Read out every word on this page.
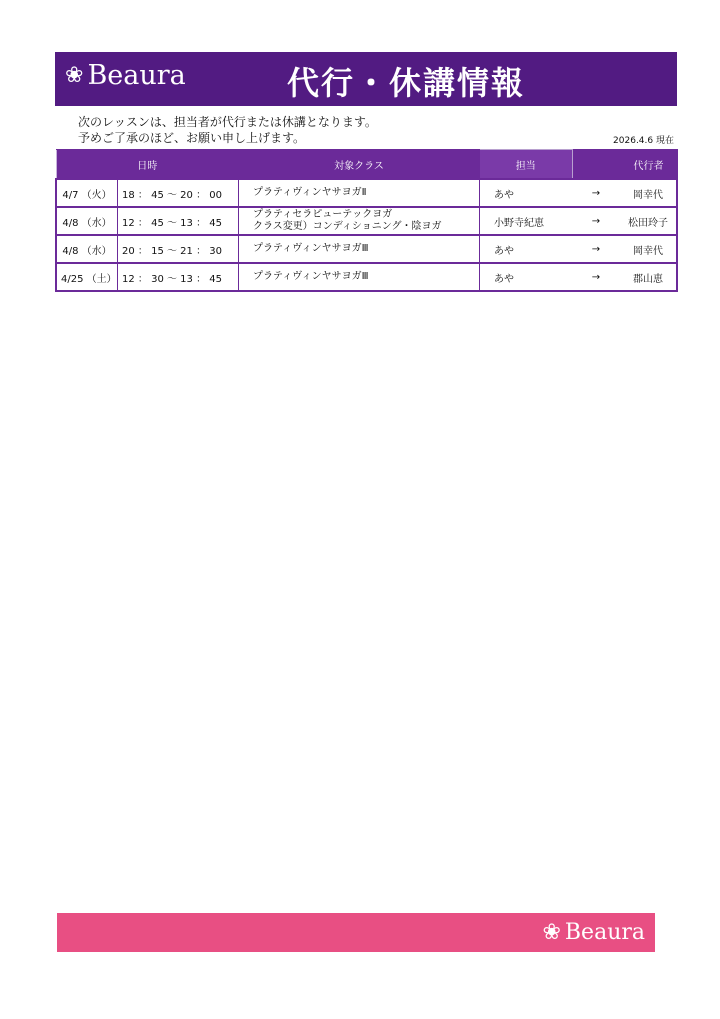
❀ Beaura	代行・休講情報
次のレッスンは、担当者が代行または休講となります。
予めご了承のほど、お願い申し上げます。	2026.4.6 現在
日時		対象クラス	担当		代行者
4/7 （火）	18 ： 45 ～ 20 ： 00	プラティヴィンヤサヨガⅡ	あや	→	岡幸代
4/8 （水）	12 ： 45 ～ 13 ： 45	プラティセラピューテックヨガ
クラス変更）コンディショニング・陰ヨガ	小野寺紀恵	→	松田玲子
4/8 （水）	20 ： 15 ～ 21 ： 30	プラティヴィンヤサヨガⅢ	あや	→	岡幸代
4/25 （土）	12 ： 30 ～ 13 ： 45	プラティヴィンヤサヨガⅢ	あや	→	郡山恵
❀ Beaura
